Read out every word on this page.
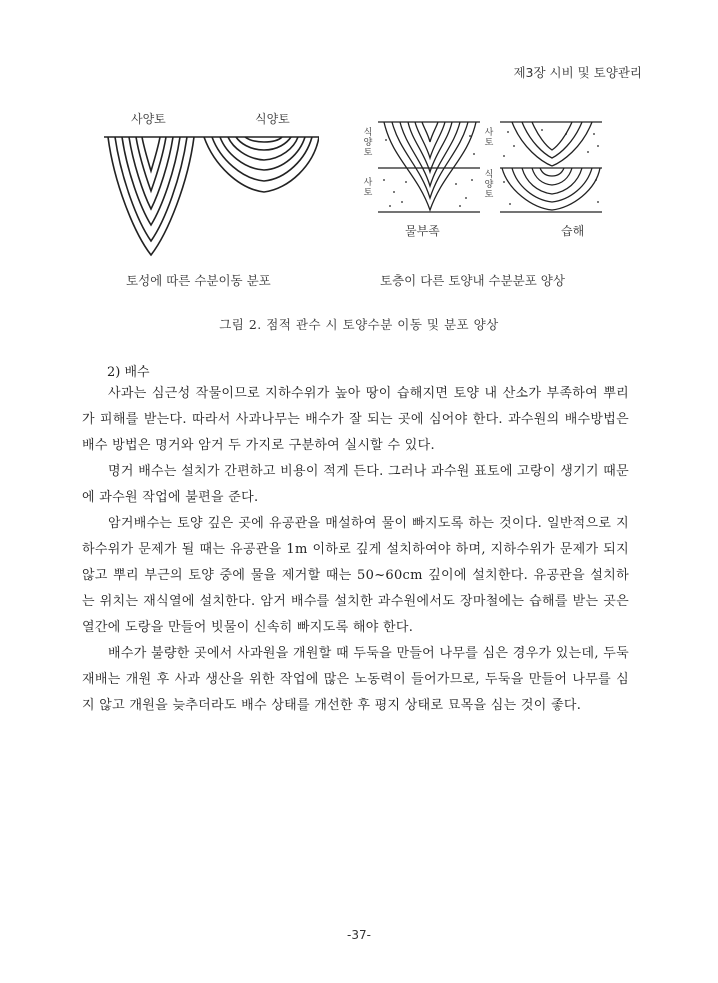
제3장 시비 및 토양관리
사양토	식양토
식양토
사토
사토
식양토
물부족	습해
토성에 따른 수분이동 분포	토층이 다른 토양내 수분분포 양상
그림 2. 점적 관수 시 토양수분 이동 및 분포 양상
2) 배수

사과는 심근성 작물이므로 지하수위가 높아 땅이 습해지면 토양 내 산소가 부족하여 뿌리가 피해를 받는다. 따라서 사과나무는 배수가 잘 되는 곳에 심어야 한다. 과수원의 배수방법은 배수 방법은 명거와 암거 두 가지로 구분하여 실시할 수 있다.

명거 배수는 설치가 간편하고 비용이 적게 든다. 그러나 과수원 표토에 고랑이 생기기 때문에 과수원 작업에 불편을 준다.

암거배수는 토양 깊은 곳에 유공관을 매설하여 물이 빠지도록 하는 것이다. 일반적으로 지하수위가 문제가 될 때는 유공관을 1m 이하로 깊게 설치하여야 하며, 지하수위가 문제가 되지 않고 뿌리 부근의 토양 중에 물을 제거할 때는 50~60cm 깊이에 설치한다. 유공관을 설치하는 위치는 재식열에 설치한다. 암거 배수를 설치한 과수원에서도 장마철에는 습해를 받는 곳은 열간에 도랑을 만들어 빗물이 신속히 빠지도록 해야 한다.

배수가 불량한 곳에서 사과원을 개원할 때 두둑을 만들어 나무를 심은 경우가 있는데, 두둑 재배는 개원 후 사과 생산을 위한 작업에 많은 노동력이 들어가므로, 두둑을 만들어 나무를 심지 않고 개원을 늦추더라도 배수 상태를 개선한 후 평지 상태로 묘목을 심는 것이 좋다.

-37-
